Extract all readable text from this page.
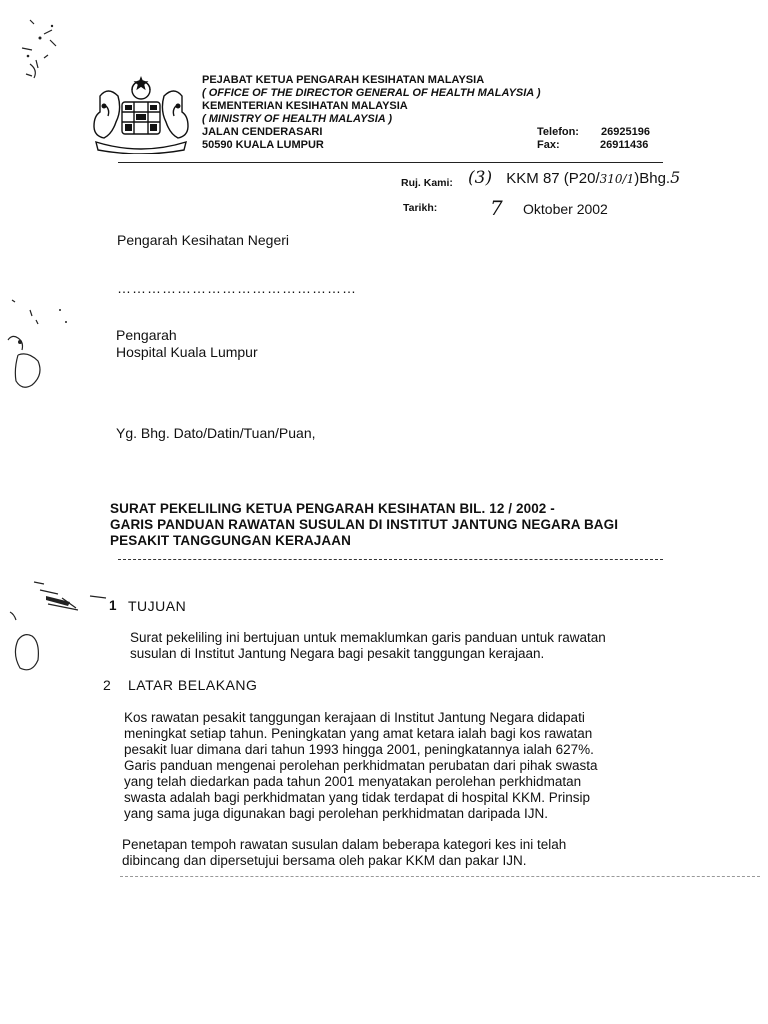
PEJABAT KETUA PENGARAH KESIHATAN MALAYSIA
( OFFICE OF THE DIRECTOR GENERAL OF HEALTH MALAYSIA )
KEMENTERIAN KESIHATAN MALAYSIA
( MINISTRY OF HEALTH MALAYSIA )
JALAN CENDERASARI
50590 KUALA LUMPUR
Telefon: 26925196
Fax:	26911436
Ruj. Kami: (3) KKM 87 (P20/310/1)Bhg.5
Tarikh:	7 Oktober 2002
Pengarah Kesihatan Negeri
…………………………………………
Pengarah
Hospital Kuala Lumpur
Yg. Bhg. Dato/Datin/Tuan/Puan,
SURAT PEKELILING KETUA PENGARAH KESIHATAN BIL. 12 / 2002 -
GARIS PANDUAN RAWATAN SUSULAN DI INSTITUT JANTUNG NEGARA BAGI
PESAKIT TANGGUNGAN KERAJAAN
1 TUJUAN
Surat pekeliling ini bertujuan untuk memaklumkan garis panduan untuk rawatan
susulan di Institut Jantung Negara bagi pesakit tanggungan kerajaan.
2 LATAR BELAKANG
Kos rawatan pesakit tanggungan kerajaan di Institut Jantung Negara didapati
meningkat setiap tahun. Peningkatan yang amat ketara ialah bagi kos rawatan
pesakit luar dimana dari tahun 1993 hingga 2001, peningkatannya ialah 627%.
Garis panduan mengenai perolehan perkhidmatan perubatan dari pihak swasta
yang telah diedarkan pada tahun 2001 menyatakan perolehan perkhidmatan
swasta adalah bagi perkhidmatan yang tidak terdapat di hospital KKM. Prinsip
yang sama juga digunakan bagi perolehan perkhidmatan daripada IJN.
Penetapan tempoh rawatan susulan dalam beberapa kategori kes ini telah
dibincang dan dipersetujui bersama oleh pakar KKM dan pakar IJN.
